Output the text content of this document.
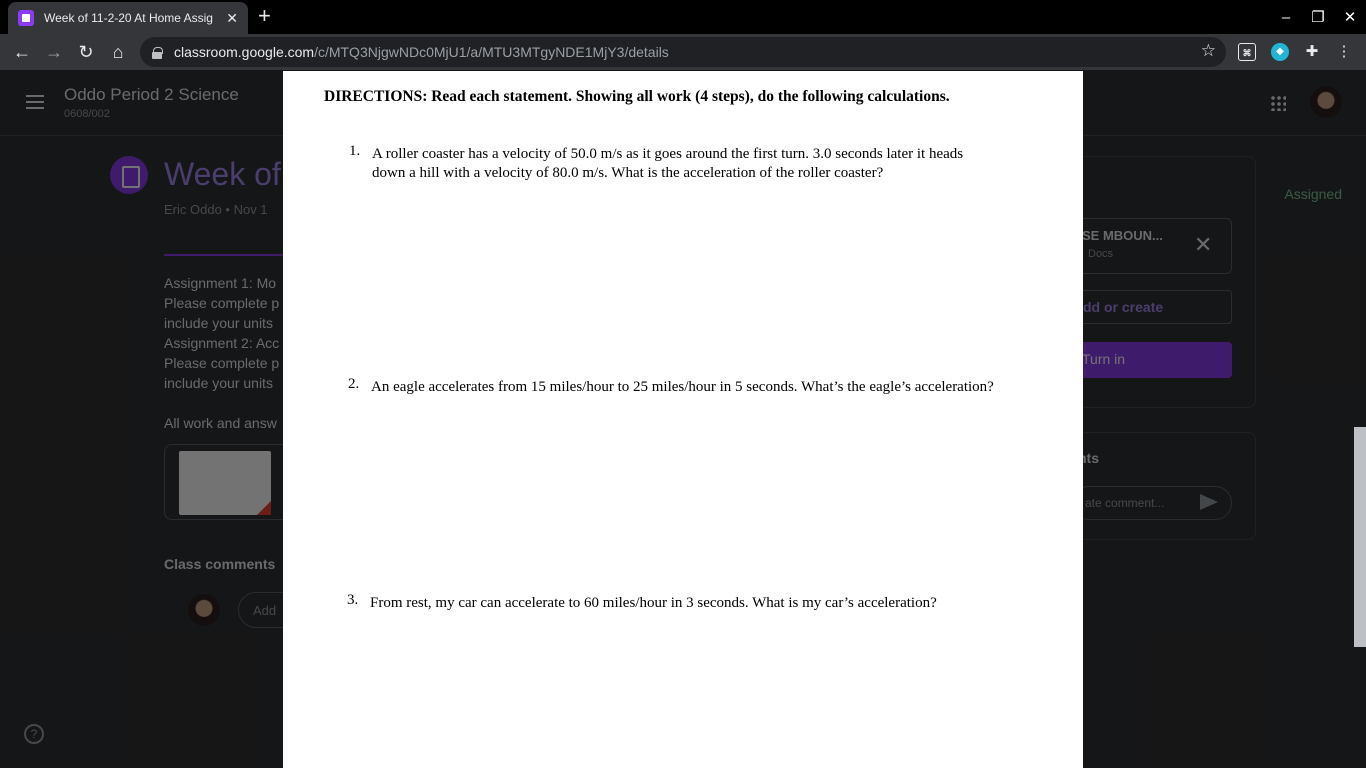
Week of 11-2-20 At Home Assig ✕ +	–	❐	✕
← → ↻	⌂	classroom.google.com /c/MTQ3NjgwNDc0MjU1/a/MTU3MTgyNDE1MjY3/details	☆	⌘	◆	✚ ⋮
DIRECTIONS: Read each statement. Showing all work (4 steps), do the following calculations.
1. A roller coaster has a velocity of 50.0 m/s as it goes around the first turn. 3.0 seconds later it heads
down a hill with a velocity of 80.0 m/s. What is the acceleration of the roller coaster?
2. An eagle accelerates from 15 miles/hour to 25 miles/hour in 5 seconds. What’s the eagle’s acceleration?
3. From rest, my car can accelerate to 60 miles/hour in 3 seconds. What is my car’s acceleration?
